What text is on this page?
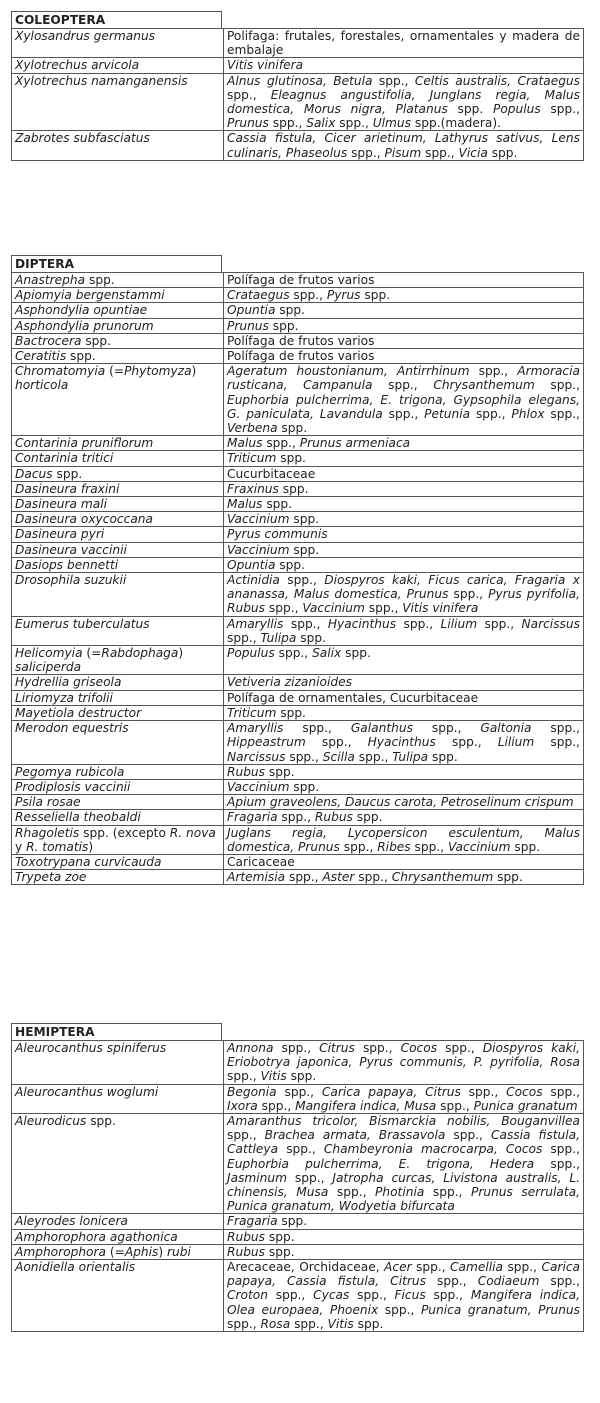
COLEOPTERA
Xylosandrus germanus	Polifaga: frutales, forestales, ornamentales y madera de embalaje
Xylotrechus arvicola	Vitis vinifera
Xylotrechus namanganensis	Alnus glutinosa, Betula spp., Celtis australis, Crataegus spp., Eleagnus angustifolia, Junglans regia, Malus domestica, Morus nigra, Platanus spp. Populus spp., Prunus spp., Salix spp., Ulmus spp.(madera).
Zabrotes subfasciatus	Cassia fistula, Cicer arietinum, Lathyrus sativus, Lens culinaris, Phaseolus spp., Pisum spp., Vicia spp.
DIPTERA
Anastrepha spp.	Polífaga de frutos varios
Apiomyia bergenstammi	Crataegus spp., Pyrus spp.
Asphondylia opuntiae	Opuntia spp.
Asphondylia prunorum	Prunus spp.
Bactrocera spp.	Polífaga de frutos varios
Ceratitis spp.	Polífaga de frutos varios
Chromatomyia (=Phytomyza) horticola	Ageratum houstonianum, Antirrhinum spp., Armoracia rusticana, Campanula spp., Chrysanthemum spp., Euphorbia pulcherrima, E. trigona, Gypsophila elegans, G. paniculata, Lavandula spp., Petunia spp., Phlox spp., Verbena spp.
Contarinia pruniflorum	Malus spp., Prunus armeniaca
Contarinia tritici	Triticum spp.
Dacus spp.	Cucurbitaceae
Dasineura fraxini	Fraxinus spp.
Dasineura mali	Malus spp.
Dasineura oxycoccana	Vaccinium spp.
Dasineura pyri	Pyrus communis
Dasineura vaccinii	Vaccinium spp.
Dasiops bennetti	Opuntia spp.
Drosophila suzukii	Actinidia spp., Diospyros kaki, Ficus carica, Fragaria x ananassa, Malus domestica, Prunus spp., Pyrus pyrifolia, Rubus spp., Vaccinium spp., Vitis vinifera
Eumerus tuberculatus	Amaryllis spp., Hyacinthus spp., Lilium spp., Narcissus spp., Tulipa spp.
Helicomyia (=Rabdophaga) saliciperda	Populus spp., Salix spp.
Hydrellia griseola	Vetiveria zizanioides
Liriomyza trifolii	Polífaga de ornamentales, Cucurbitaceae
Mayetiola destructor	Triticum spp.
Merodon equestris	Amaryllis spp., Galanthus spp., Galtonia spp., Hippeastrum spp., Hyacinthus spp., Lilium spp., Narcissus spp., Scilla spp., Tulipa spp.
Pegomya rubicola	Rubus spp.
Prodiplosis vaccinii	Vaccinium spp.
Psila rosae	Apium graveolens, Daucus carota, Petroselinum crispum
Resseliella theobaldi	Fragaria spp., Rubus spp.
Rhagoletis spp. (excepto R. nova y R. tomatis)	Juglans regia, Lycopersicon esculentum, Malus domestica, Prunus spp., Ribes spp., Vaccinium spp.
Toxotrypana curvicauda	Caricaceae
Trypeta zoe	Artemisia spp., Aster spp., Chrysanthemum spp.
HEMIPTERA
Aleurocanthus spiniferus	Annona spp., Citrus spp., Cocos spp., Diospyros kaki, Eriobotrya japonica, Pyrus communis, P. pyrifolia, Rosa spp., Vitis spp.
Aleurocanthus woglumi	Begonia spp., Carica papaya, Citrus spp., Cocos spp., Ixora spp., Mangifera indica, Musa spp., Punica granatum
Aleurodicus spp.	Amaranthus tricolor, Bismarckia nobilis, Bouganvillea spp., Brachea armata, Brassavola spp., Cassia fistula, Cattleya spp., Chambeyronia macrocarpa, Cocos spp., Euphorbia pulcherrima, E. trigona, Hedera spp., Jasminum spp., Jatropha curcas, Livistona australis, L. chinensis, Musa spp., Photinia spp., Prunus serrulata, Punica granatum, Wodyetia bifurcata
Aleyrodes lonicera	Fragaria spp.
Amphorophora agathonica	Rubus spp.
Amphorophora (=Aphis) rubi	Rubus spp.
Aonidiella orientalis	Arecaceae, Orchidaceae, Acer spp., Camellia spp., Carica papaya, Cassia fistula, Citrus spp., Codiaeum spp., Croton spp., Cycas spp., Ficus spp., Mangifera indica, Olea europaea, Phoenix spp., Punica granatum, Prunus spp., Rosa spp., Vitis spp.
